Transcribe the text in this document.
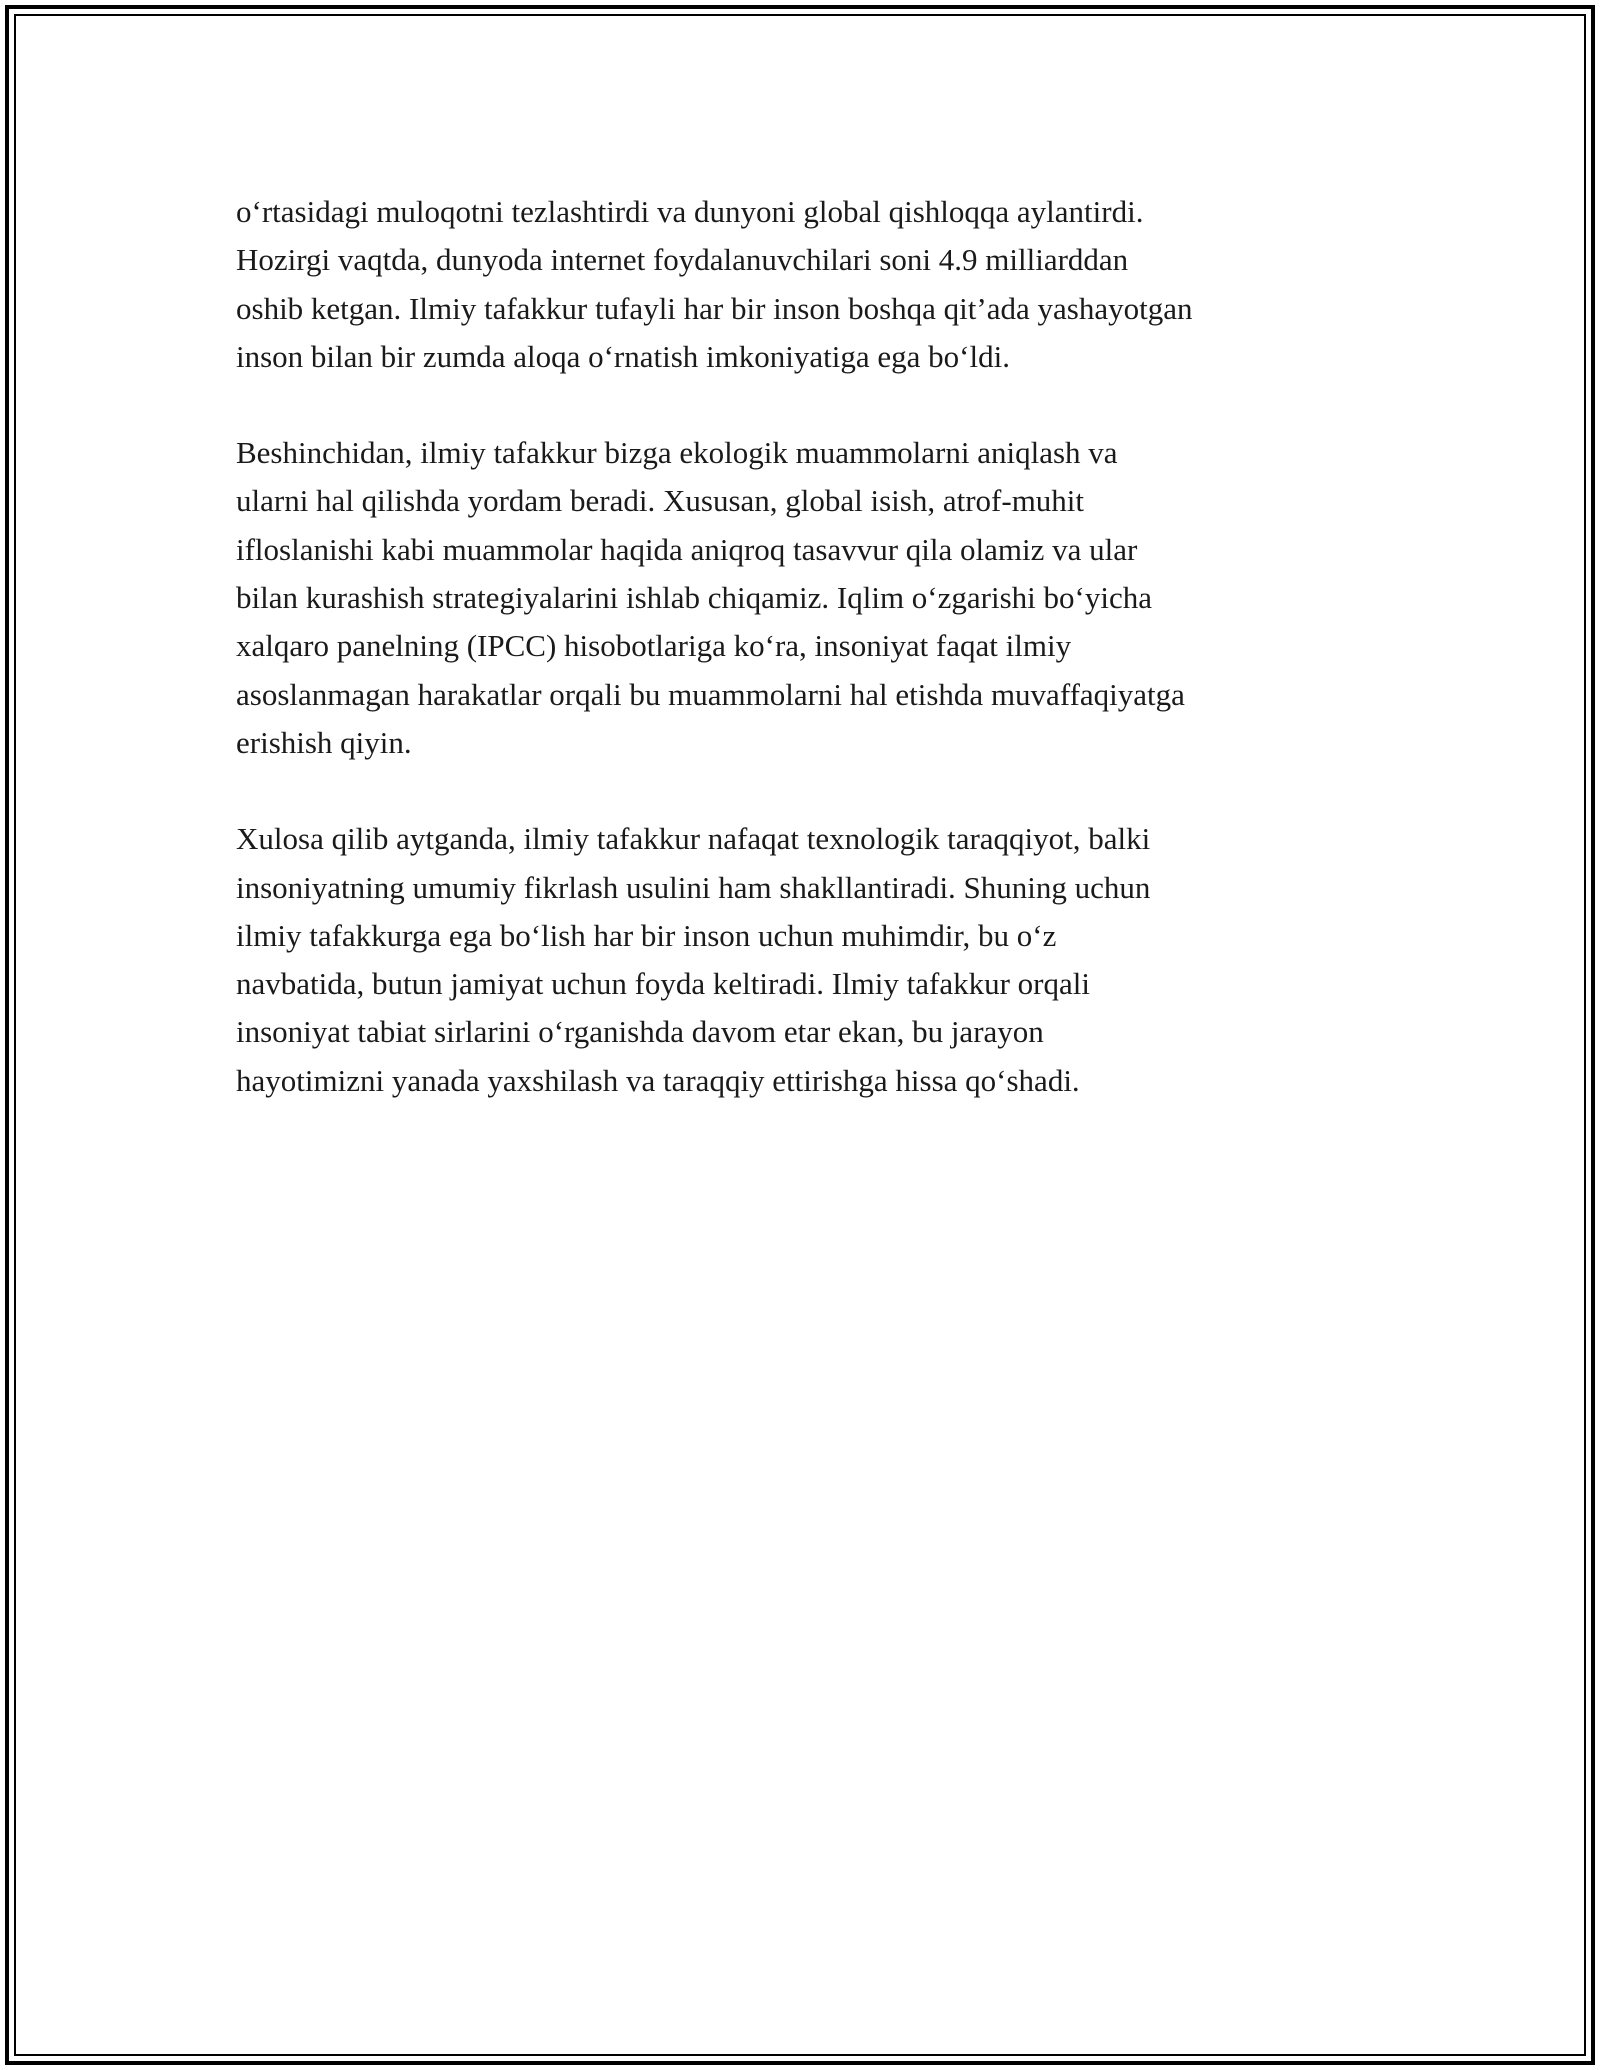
o‘rtasidagi muloqotni tezlashtirdi va dunyoni global qishloqqa aylantirdi.
Hozirgi vaqtda, dunyoda internet foydalanuvchilari soni 4.9 milliarddan
oshib ketgan. Ilmiy tafakkur tufayli har bir inson boshqa qit’ada yashayotgan
inson bilan bir zumda aloqa o‘rnatish imkoniyatiga ega bo‘ldi.

Beshinchidan, ilmiy tafakkur bizga ekologik muammolarni aniqlash va
ularni hal qilishda yordam beradi. Xususan, global isish, atrof-muhit
ifloslanishi kabi muammolar haqida aniqroq tasavvur qila olamiz va ular
bilan kurashish strategiyalarini ishlab chiqamiz. Iqlim o‘zgarishi bo‘yicha
xalqaro panelning (IPCC) hisobotlariga ko‘ra, insoniyat faqat ilmiy
asoslanmagan harakatlar orqali bu muammolarni hal etishda muvaffaqiyatga
erishish qiyin.

Xulosa qilib aytganda, ilmiy tafakkur nafaqat texnologik taraqqiyot, balki
insoniyatning umumiy fikrlash usulini ham shakllantiradi. Shuning uchun
ilmiy tafakkurga ega bo‘lish har bir inson uchun muhimdir, bu o‘z
navbatida, butun jamiyat uchun foyda keltiradi. Ilmiy tafakkur orqali
insoniyat tabiat sirlarini o‘rganishda davom etar ekan, bu jarayon
hayotimizni yanada yaxshilash va taraqqiy ettirishga hissa qo‘shadi.
